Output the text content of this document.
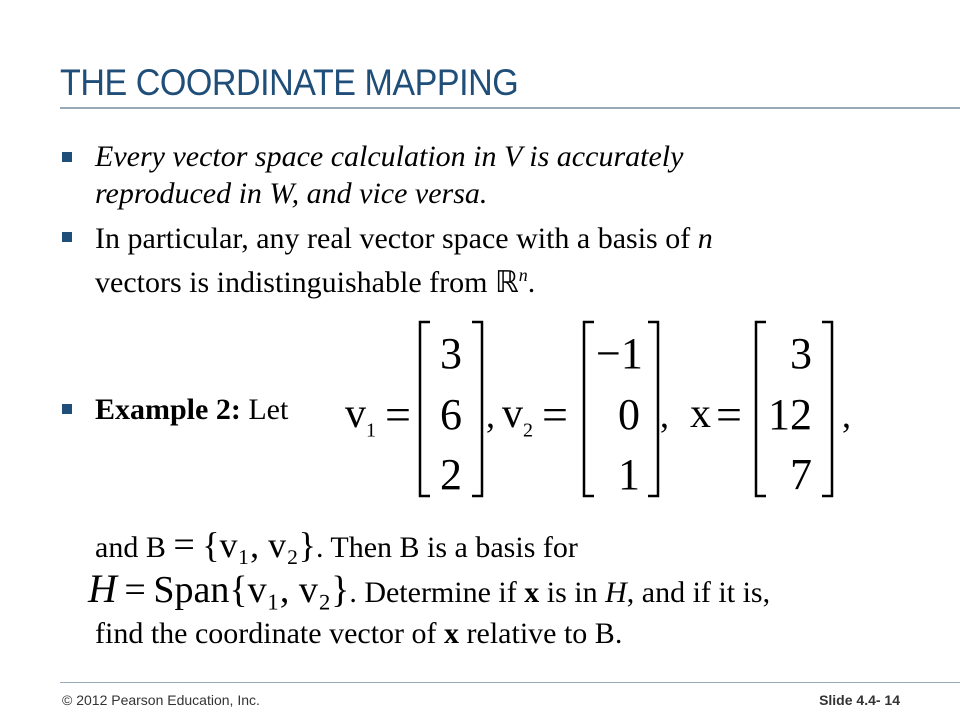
THE COORDINATE MAPPING
Every vector space calculation in V is accurately
reproduced in W, and vice versa.
In particular, any real vector space with a basis of n
vectors is indistinguishable from ℝ$^n$.
Example 2: Let $v_1$ =
3
6
2
, $v_2$ =
−1
0
1
, x =
3
12
7
,
and B = {v₁, v₂}. Then B is a basis for
H = Span{v₁, v₂}. Determine if x is in H, and if it is,
find the coordinate vector of x relative to B.
© 2012 Pearson Education, Inc.	Slide 4.4- 14
